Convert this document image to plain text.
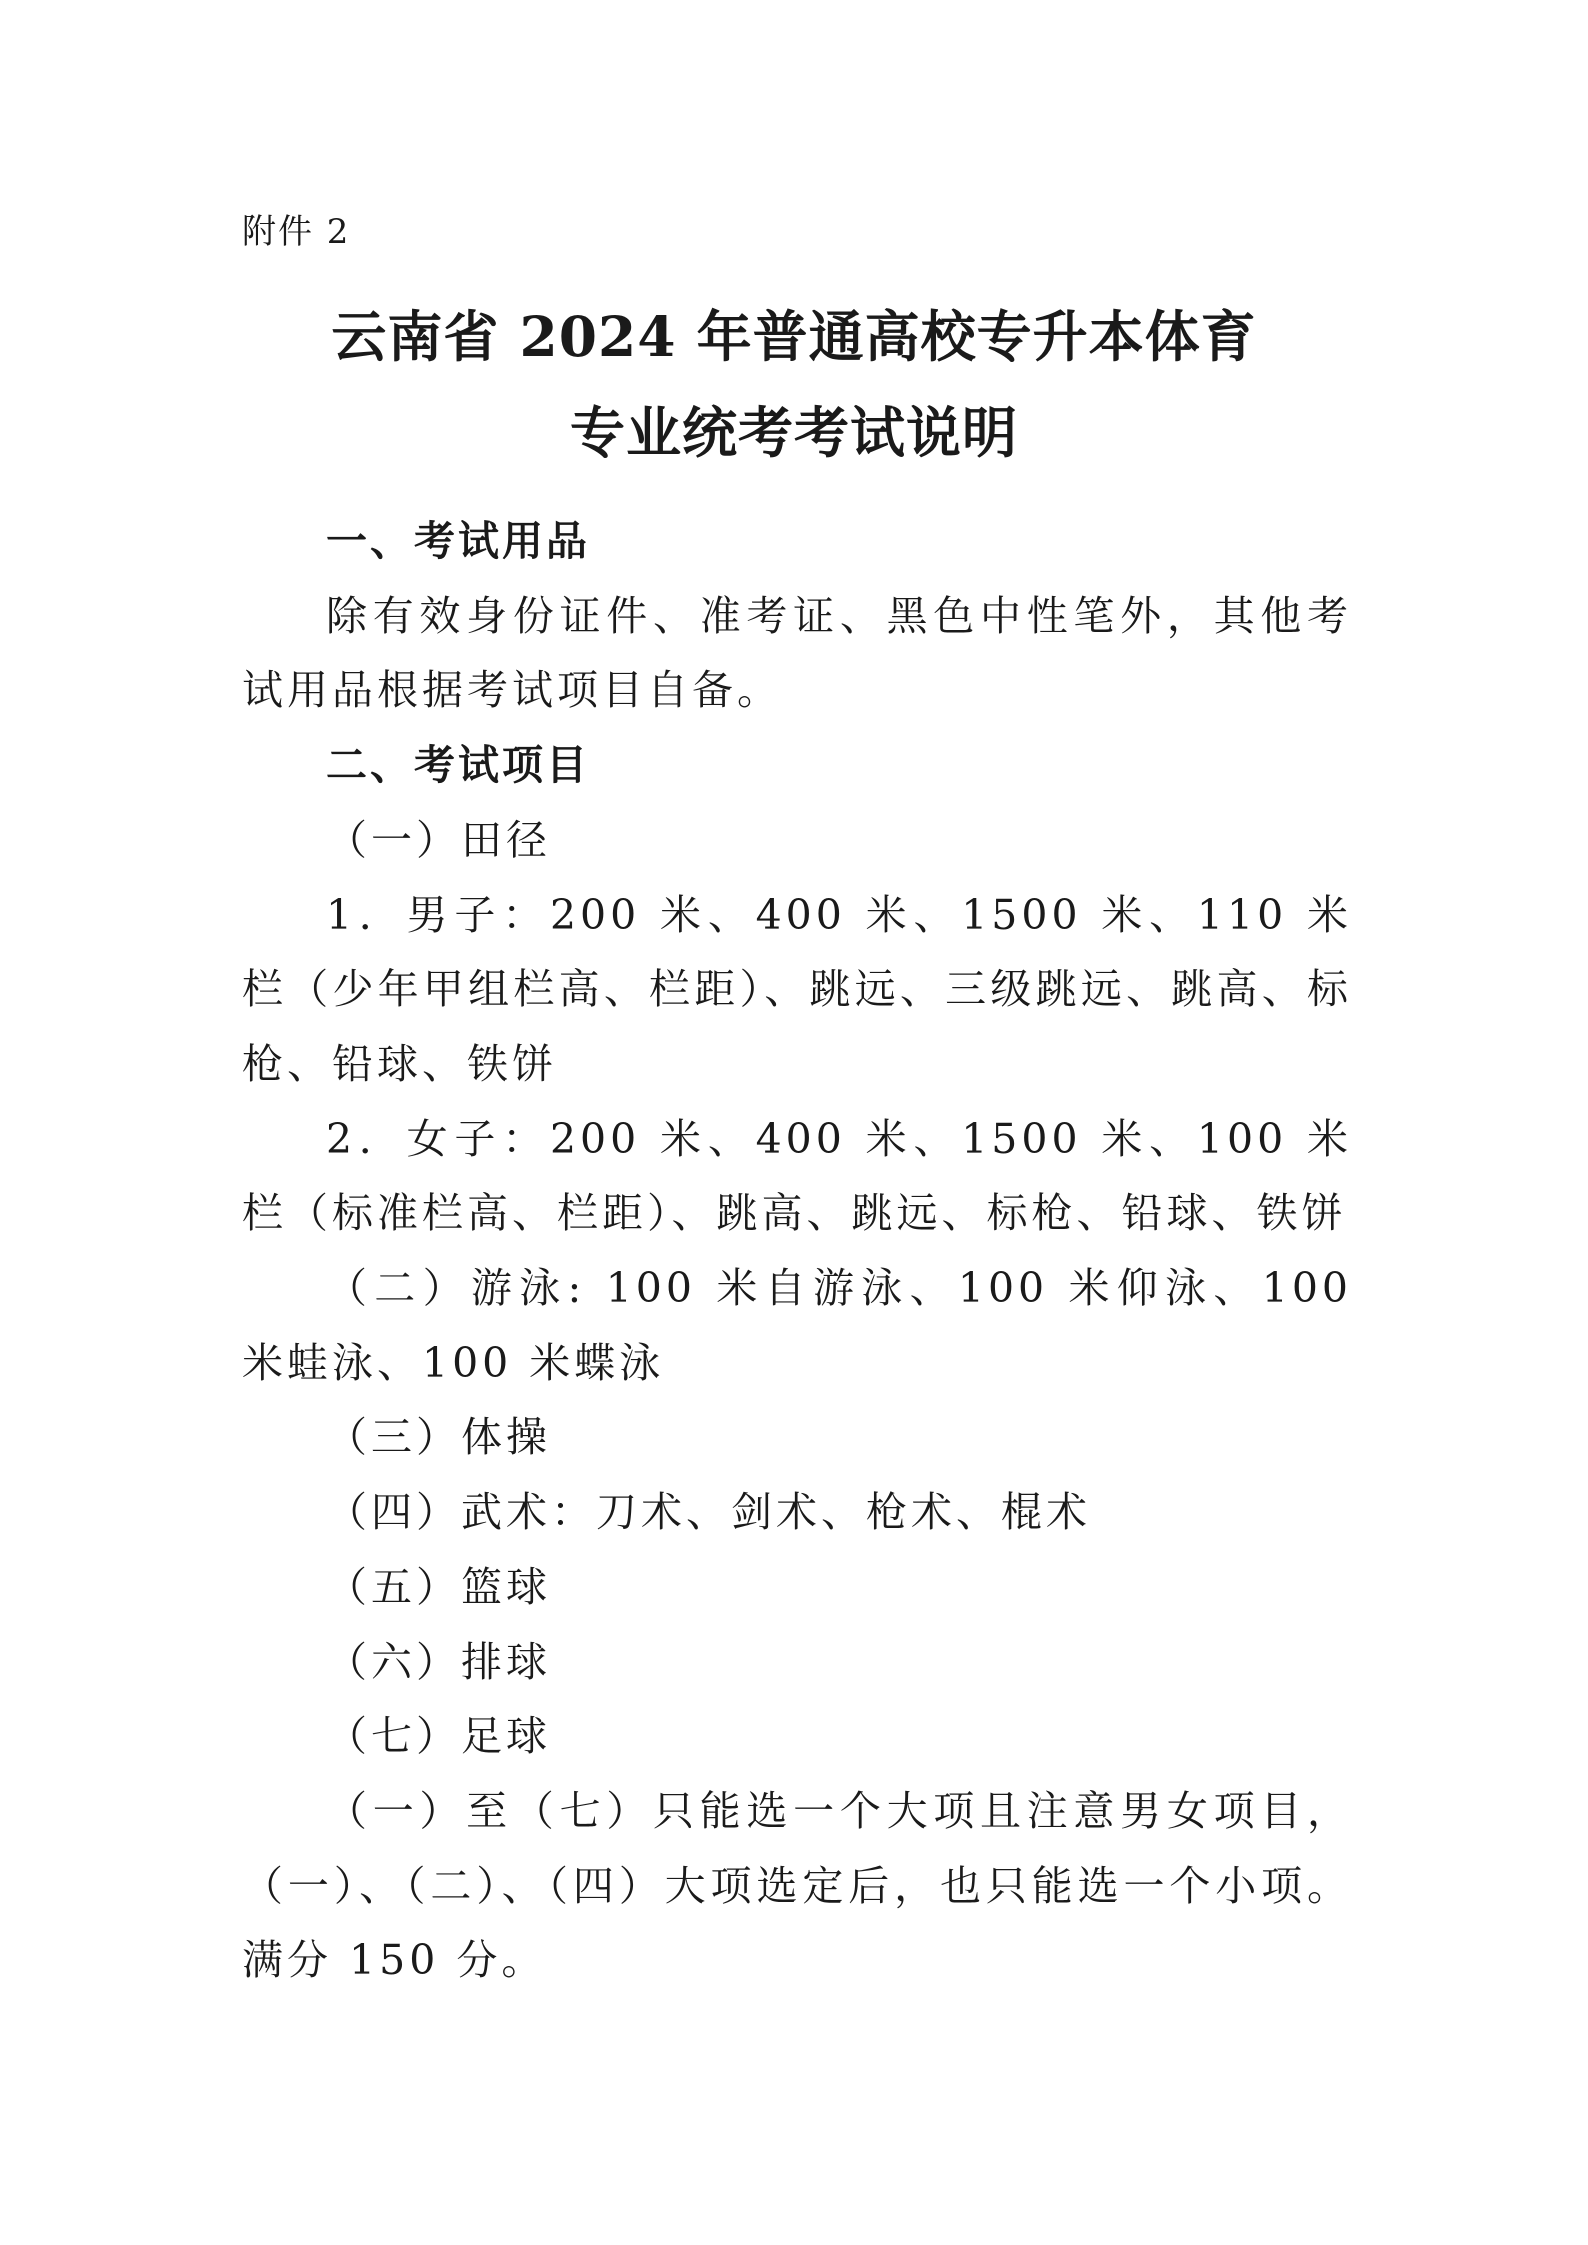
附件 2
云南省 2024 年普通高校专升本体育
专业统考考试说明

一、考试用品

除有效身份证件、准考证、黑色中性笔外，其他考试用品根据考试项目自备。

二、考试项目

（一）田径

1．男子：200 米、400 米、1500 米、110 米栏（少年甲组栏高、栏距）、跳远、三级跳远、跳高、标枪、铅球、铁饼

2．女子：200 米、400 米、1500 米、100 米栏（标准栏高、栏距）、跳高、跳远、标枪、铅球、铁饼

（二）游泳: 100 米自游泳、100 米仰泳、100 米蛙泳、100 米蝶泳

（三）体操

（四）武术：刀术、剑术、枪术、棍术

（五）篮球

（六）排球

（七）足球

（一）至（七）只能选一个大项且注意男女项目，（一）、（二）、（四）大项选定后，也只能选一个小项。满分 150 分。
